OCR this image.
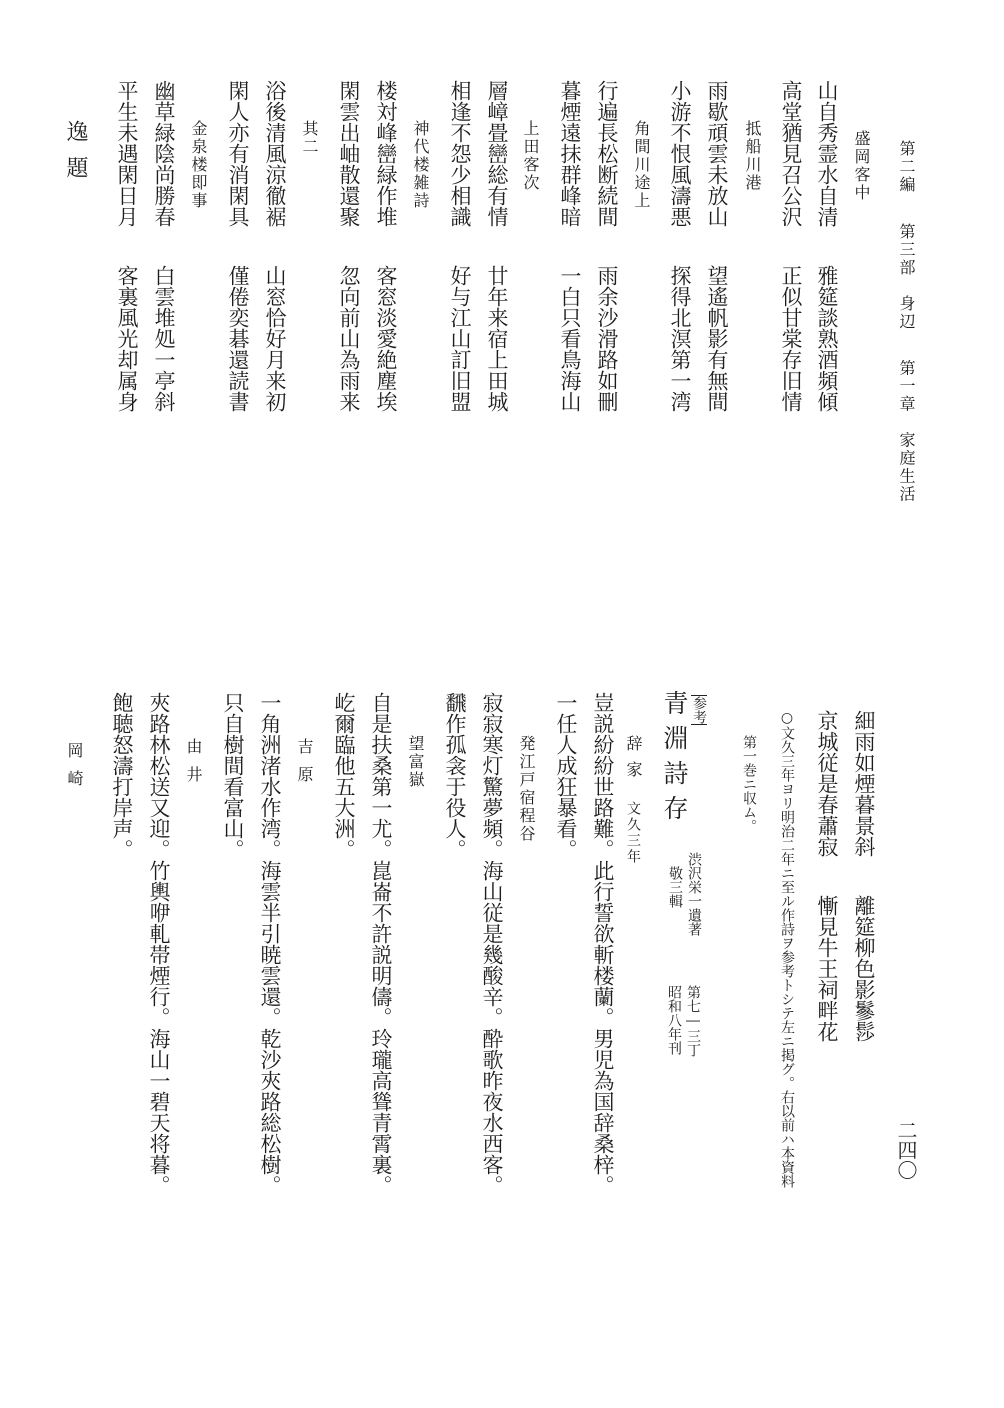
第二編第三部　身辺第一章　家庭生活
二四〇
盛岡客中
山自秀霊水自清雅筵談熟酒頻傾
高堂猶見召公沢正似甘棠存旧情
抵船川港
雨歇頑雲未放山望遙帆影有無間
小游不恨風濤悪探得北溟第一湾
角間川途上
行遍長松断続間雨余沙滑路如刪
暮煙遠抹群峰暗一白只看鳥海山
上田客次
層嶂畳巒総有情廿年来宿上田城
相逢不怨少相識好与江山訂旧盟
神代楼雑詩
楼対峰巒緑作堆客窓淡愛絶塵埃
閑雲出岫散還聚忽向前山為雨来
其二
浴後清風涼徹裾山窓恰好月来初
閑人亦有消閑具僅倦奕碁還読書
金泉楼即事
幽草緑陰尚勝春白雲堆処一亭斜
平生未遇閑日月客裏風光却属身
逸題
細雨如煙暮景斜離筵柳色影鬖髿
京城従是春蕭寂慚見牛王祠畔花
○文久三年ヨリ明治二年ニ至ル作詩ヲ参考トシテ左ニ掲グ。右以前ハ本資料
第一巻ニ収ム。
参考
青淵詩存
渋沢栄一遺著
敬三輯
第七―三丁
昭和八年刊
辞家文久三年
豈説紛紛世路難。此行誓欲斬楼蘭。男児為国辞桑梓。
一任人成狂暴看。
発江戸宿程谷
寂寂寒灯驚夢頻。海山従是幾酸辛。酔歌昨夜水西客。
飜作孤衾于役人。
望富嶽
自是扶桑第一尤。崑崙不許説明儔。玲瓏高聳青霄裏。
屹爾臨他五大洲。
吉原
一角洲渚水作湾。海雲半引暁雲還。乾沙夾路総松樹。
只自樹間看富山。
由井
夾路林松送又迎。竹輿咿軋帯煙行。海山一碧天将暮。
飽聴怒濤打岸声。
岡崎
